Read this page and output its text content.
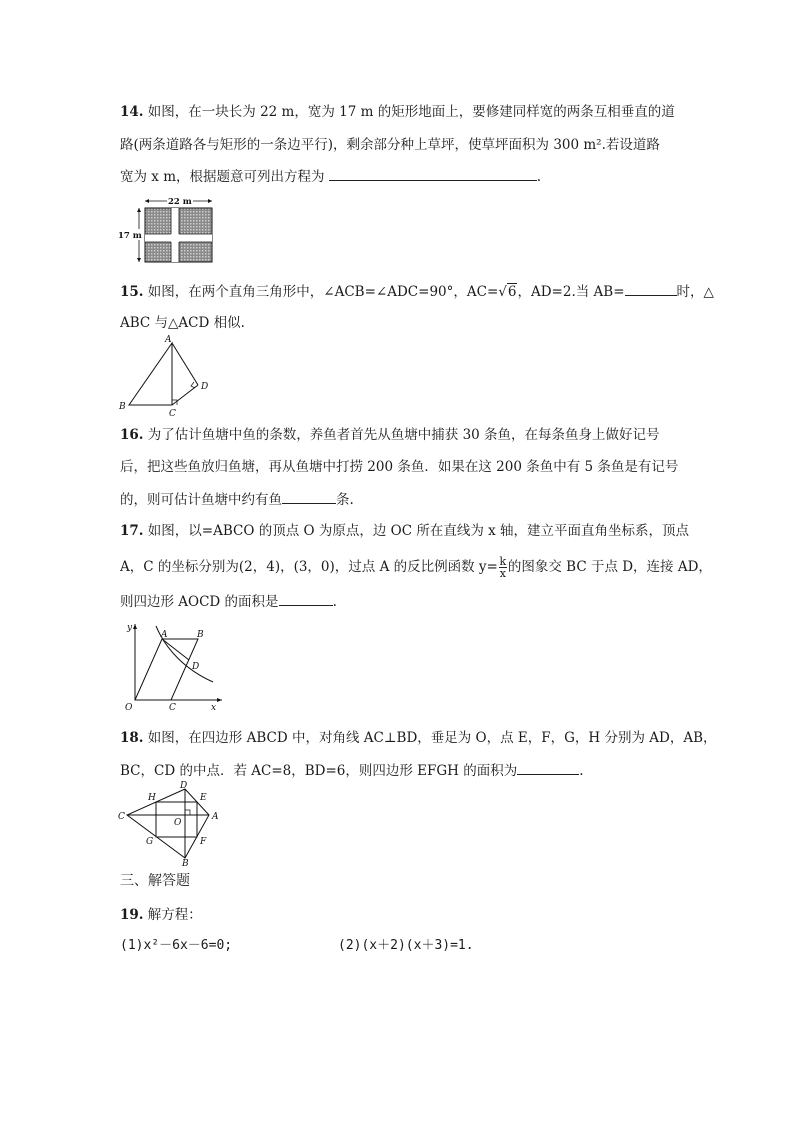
14. 如图，在一块长为 22 m，宽为 17 m 的矩形地面上，要修建同样宽的两条互相垂直的道
路(两条道路各与矩形的一条边平行)，剩余部分种上草坪，使草坪面积为 300 m².若设道路
宽为 x m，根据题意可列出方程为	.
22 m
17 m
15. 如图，在两个直角三角形中，∠ACB=∠ADC=90°，AC=√6，AD=2.当 AB=	时，△
ABC 与△ACD 相似.
A
B
C
D
16. 为了估计鱼塘中鱼的条数，养鱼者首先从鱼塘中捕获 30 条鱼，在每条鱼身上做好记号
后，把这些鱼放归鱼塘，再从鱼塘中打捞 200 条鱼．如果在这 200 条鱼中有 5 条鱼是有记号
的，则可估计鱼塘中约有鱼	条.
17. 如图，以=ABCO 的顶点 O 为原点，边 OC 所在直线为 x 轴，建立平面直角坐标系，顶点
A，C 的坐标分别为(2，4)，(3，0)，过点 A 的反比例函数 $y= \frac{k}{x}$ 的图象交 BC 于点 D，连接 AD，
则四边形 AOCD 的面积是	.
y
x
O
A	B
C
D
18. 如图，在四边形 ABCD 中，对角线 AC⊥BD，垂足为 O，点 E，F，G，H 分别为 AD，AB，
BC，CD 的中点．若 AC=8，BD=6，则四边形 EFGH 的面积为	.
C
D
A
B
H	E
G	F
O
三、解答题
19. 解方程：
(1)x²－6x－6=0;	(2)(x＋2)(x＋3)=1.
